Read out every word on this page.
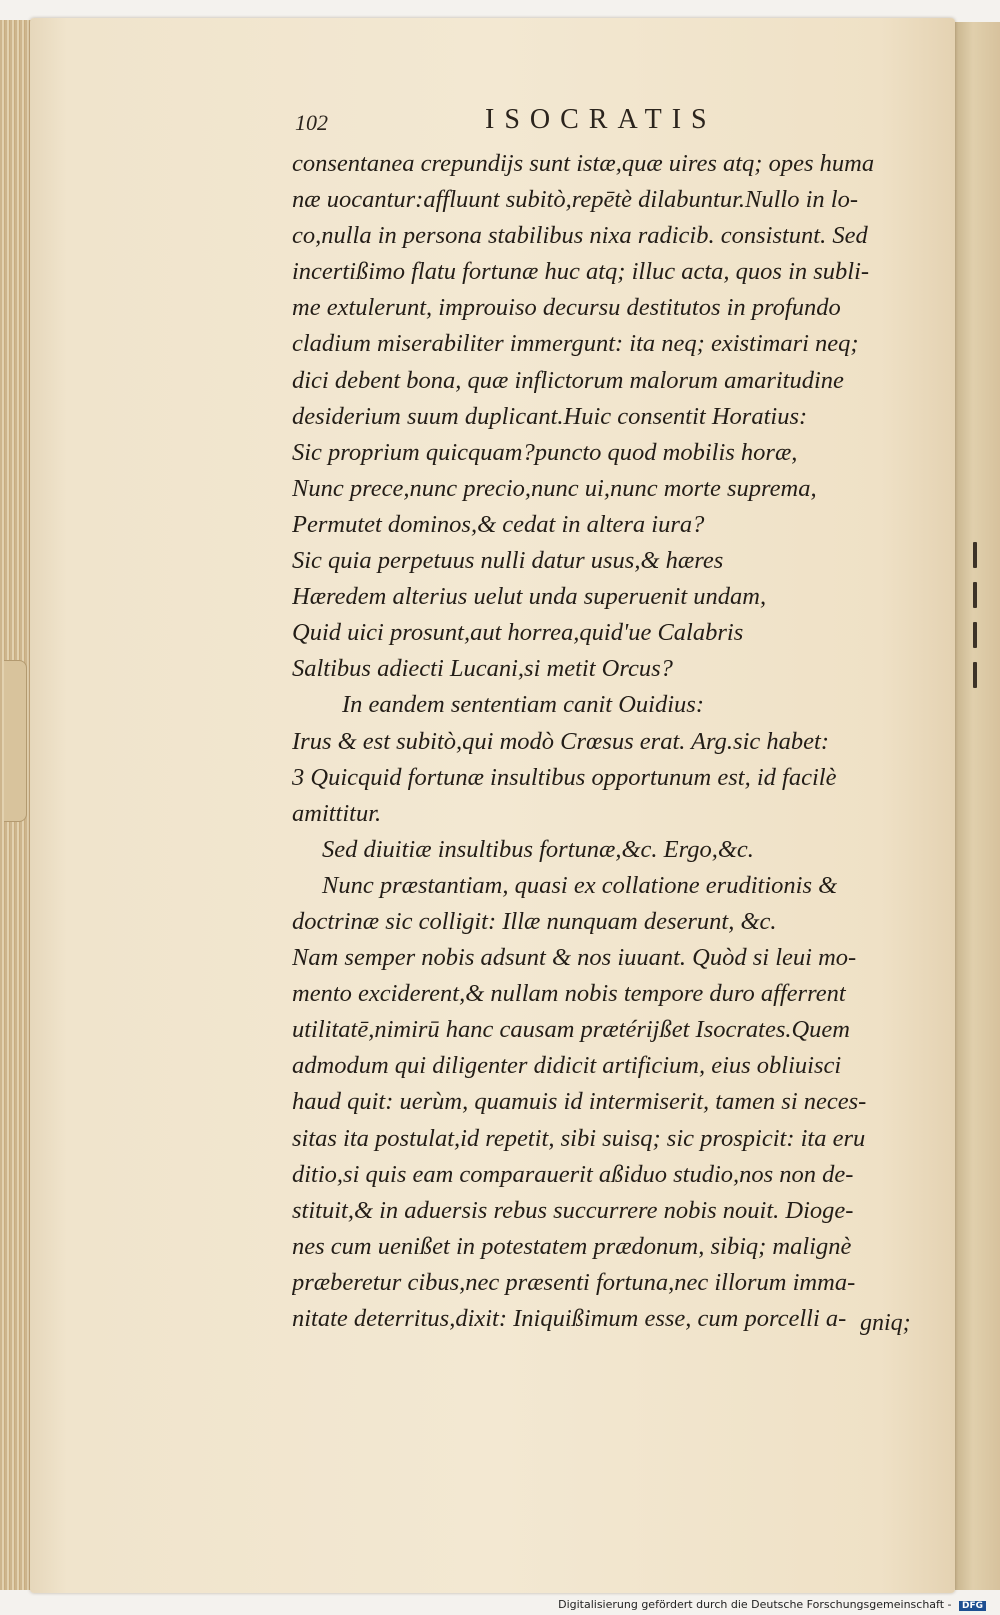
102	ISOCRATIS
consentanea crepundijs sunt istæ,quæ uires atq; opes huma
næ uocantur:affluunt subitò,repētè dilabuntur.Nullo in lo-
co,nulla in persona stabilibus nixa radicib. consistunt. Sed
incertißimo flatu fortunæ huc atq; illuc acta, quos in subli-
me extulerunt, improuiso decursu destitutos in profundo
cladium miserabiliter immergunt: ita neq; existimari neq;
dici debent bona, quæ inflictorum malorum amaritudine
desiderium suum duplicant.Huic consentit Horatius:
Sic proprium quicquam?puncto quod mobilis horæ,
Nunc prece,nunc precio,nunc ui,nunc morte suprema,
Permutet dominos,& cedat in altera iura?
Sic quia perpetuus nulli datur usus,& hæres
Hæredem alterius uelut unda superuenit undam,
Quid uici prosunt,aut horrea,quid'ue Calabris
Saltibus adiecti Lucani,si metit Orcus?
In eandem sententiam canit Ouidius:
Irus & est subitò,qui modò Crœsus erat. Arg.sic habet:
3 Quicquid fortunæ insultibus opportunum est, id facilè
amittitur.
Sed diuitiæ insultibus fortunæ,&c. Ergo,&c.
Nunc præstantiam, quasi ex collatione eruditionis &
doctrinæ sic colligit: Illæ nunquam deserunt, &c.
Nam semper nobis adsunt & nos iuuant. Quòd si leui mo-
mento exciderent,& nullam nobis tempore duro afferrent
utilitatē,nimirū hanc causam prætérijßet Isocrates.Quem
admodum qui diligenter didicit artificium, eius obliuisci
haud quit: uerùm, quamuis id intermiserit, tamen si neces-
sitas ita postulat,id repetit, sibi suisq; sic prospicit: ita eru
ditio,si quis eam comparauerit aßiduo studio,nos non de-
stituit,& in aduersis rebus succurrere nobis nouit. Dioge-
nes cum uenißet in potestatem prædonum, sibiq; malignè
præberetur cibus,nec præsenti fortuna,nec illorum imma-
nitate deterritus,dixit: Iniquißimum esse, cum porcelli a- gniq;
Digitalisierung gefördert durch die Deutsche Forschungsgemeinschaft - DFG
